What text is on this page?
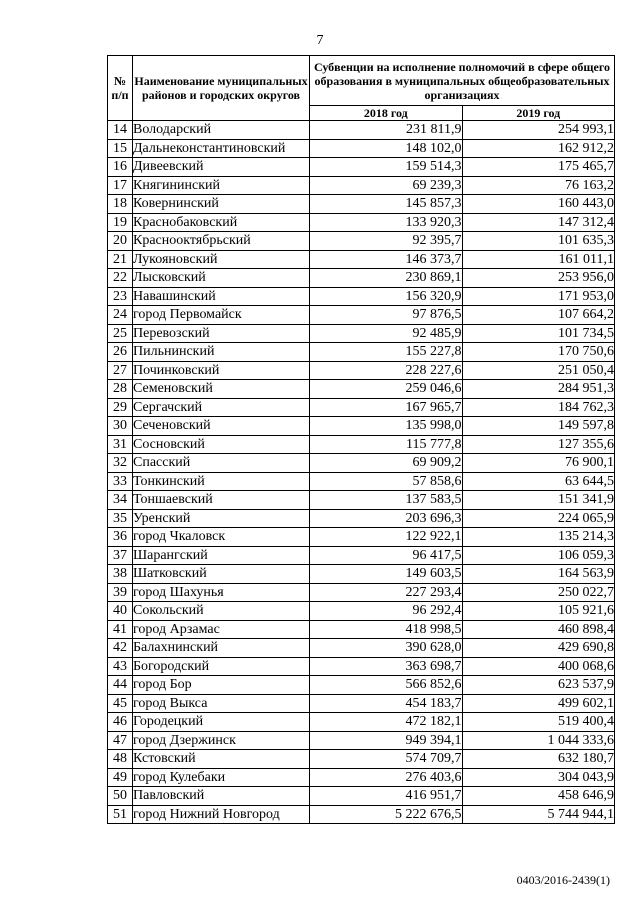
7
№ п/п	Наименование муниципальных районов и городских округов	Субвенции на исполнение полномочий в сфере общего образования в муниципальных общеобразовательных организациях	
		2018 год	2019 год
14	Володарский	231 811,9	254 993,1
15	Дальнеконстантиновский	148 102,0	162 912,2
16	Дивеевский	159 514,3	175 465,7
17	Княгининский	69 239,3	76 163,2
18	Ковернинский	145 857,3	160 443,0
19	Краснобаковский	133 920,3	147 312,4
20	Краснооктябрьский	92 395,7	101 635,3
21	Лукояновский	146 373,7	161 011,1
22	Лысковский	230 869,1	253 956,0
23	Навашинский	156 320,9	171 953,0
24	город Первомайск	97 876,5	107 664,2
25	Перевозский	92 485,9	101 734,5
26	Пильнинский	155 227,8	170 750,6
27	Починковский	228 227,6	251 050,4
28	Семеновский	259 046,6	284 951,3
29	Сергачский	167 965,7	184 762,3
30	Сеченовский	135 998,0	149 597,8
31	Сосновский	115 777,8	127 355,6
32	Спасский	69 909,2	76 900,1
33	Тонкинский	57 858,6	63 644,5
34	Тоншаевский	137 583,5	151 341,9
35	Уренский	203 696,3	224 065,9
36	город Чкаловск	122 922,1	135 214,3
37	Шарангский	96 417,5	106 059,3
38	Шатковский	149 603,5	164 563,9
39	город Шахунья	227 293,4	250 022,7
40	Сокольский	96 292,4	105 921,6
41	город Арзамас	418 998,5	460 898,4
42	Балахнинский	390 628,0	429 690,8
43	Богородский	363 698,7	400 068,6
44	город Бор	566 852,6	623 537,9
45	город Выкса	454 183,7	499 602,1
46	Городецкий	472 182,1	519 400,4
47	город Дзержинск	949 394,1	1 044 333,6
48	Кстовский	574 709,7	632 180,7
49	город Кулебаки	276 403,6	304 043,9
50	Павловский	416 951,7	458 646,9
51	город Нижний Новгород	5 222 676,5	5 744 944,1
0403/2016-2439(1)
